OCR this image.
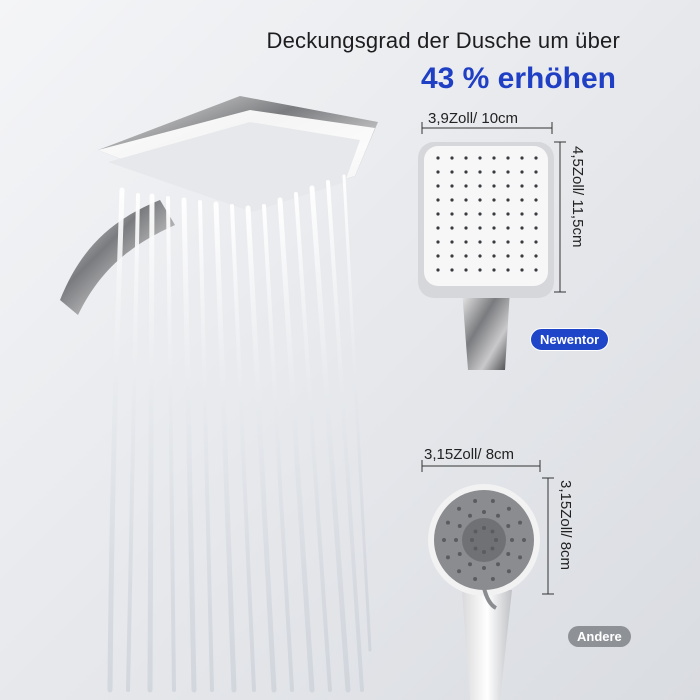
Deckungsgrad der Dusche um über
43 % erhöhen
3,9Zoll/ 10cm
4,5Zoll/ 11,5cm
Newentor
3,15Zoll/ 8cm
3,15Zoll/ 8cm
Andere
